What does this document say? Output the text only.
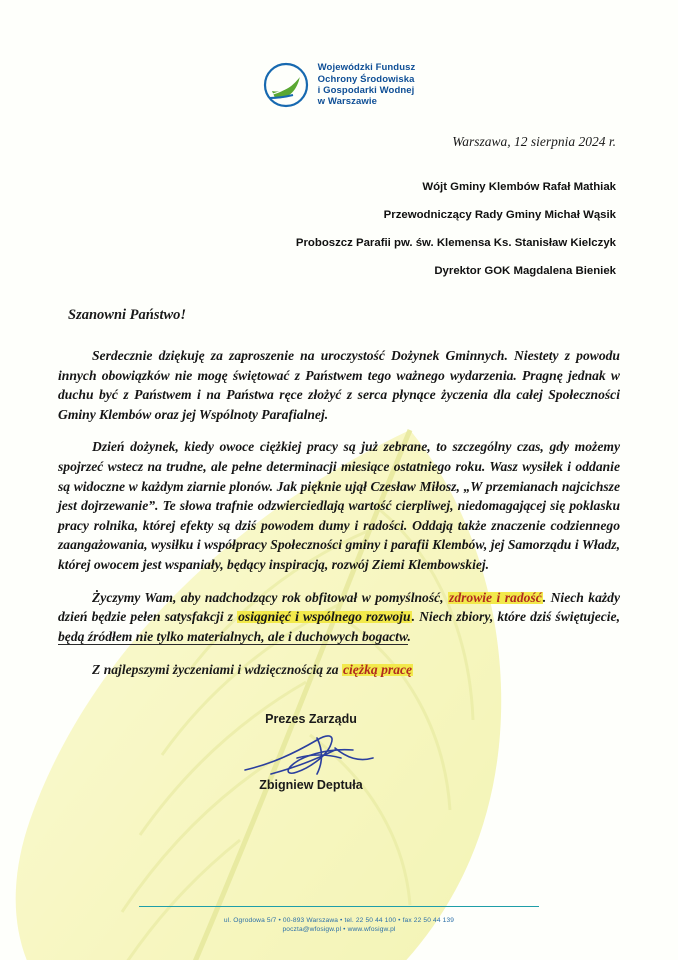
Wojewódzki Fundusz
Ochrony Środowiska
i Gospodarki Wodnej
w Warszawie
Warszawa, 12 sierpnia 2024 r.
Wójt Gminy Klembów Rafał Mathiak
Przewodniczący Rady Gminy Michał Wąsik
Proboszcz Parafii pw. św. Klemensa Ks. Stanisław Kielczyk
Dyrektor GOK Magdalena Bieniek
Szanowni Państwo!

Serdecznie dziękuję za zaproszenie na uroczystość Dożynek Gminnych. Niestety z powodu innych obowiązków nie mogę świętować z Państwem tego ważnego wydarzenia. Pragnę jednak w duchu być z Państwem i na Państwa ręce złożyć z serca płynące życzenia dla całej Społeczności Gminy Klembów oraz jej Wspólnoty Parafialnej.

Dzień dożynek, kiedy owoce ciężkiej pracy są już zebrane, to szczególny czas, gdy możemy spojrzeć wstecz na trudne, ale pełne determinacji miesiące ostatniego roku. Wasz wysiłek i oddanie są widoczne w każdym ziarnie plonów. Jak pięknie ujął Czesław Miłosz, „W przemianach najcichsze jest dojrzewanie”. Te słowa trafnie odzwierciedlają wartość cierpliwej, niedomagającej się poklasku pracy rolnika, której efekty są dziś powodem dumy i radości. Oddają także znaczenie codziennego zaangażowania, wysiłku i współpracy Społeczności gminy i parafii Klembów, jej Samorządu i Władz, której owocem jest wspaniały, będący inspiracją, rozwój Ziemi Klembowskiej.

Życzymy Wam, aby nadchodzący rok obfitował w pomyślność, zdrowie i radość. Niech każdy dzień będzie pełen satysfakcji z osiągnięć i wspólnego rozwoju. Niech zbiory, które dziś świętujecie, będą źródłem nie tylko materialnych, ale i duchowych bogactw.

Z najlepszymi życzeniami i wdzięcznością za ciężką pracę
Prezes Zarządu
Zbigniew Deptuła
ul. Ogrodowa 5/7 • 00-893 Warszawa • tel. 22 50 44 100 • fax 22 50 44 139
poczta@wfosigw.pl • www.wfosigw.pl
